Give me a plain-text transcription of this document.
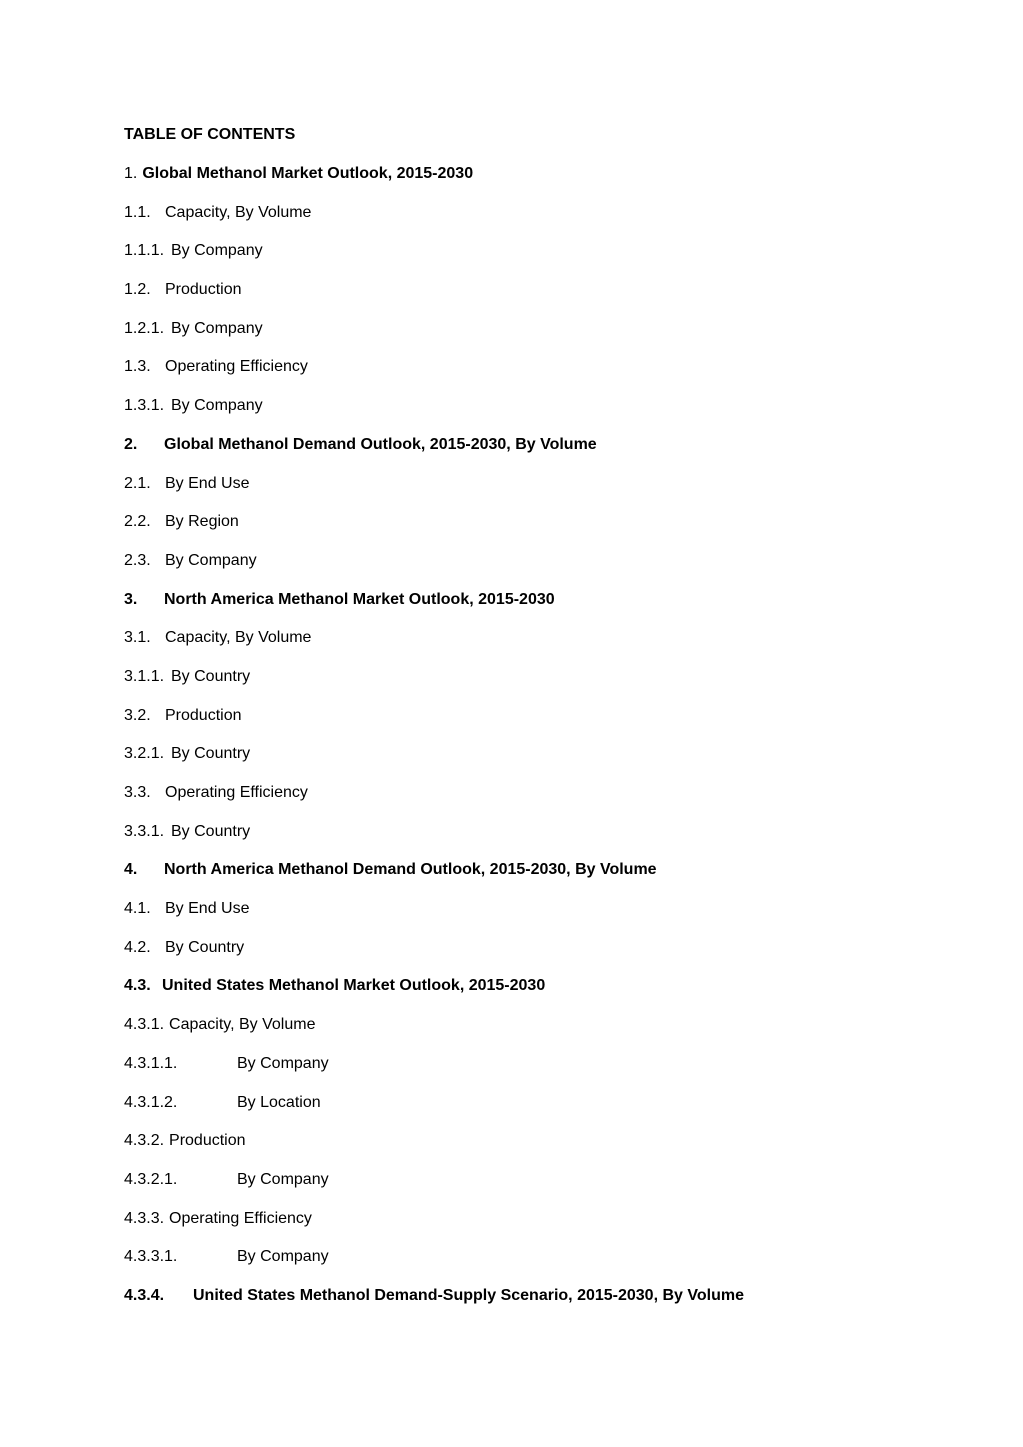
TABLE OF CONTENTS
1. Global Methanol Market Outlook, 2015-2030
1.1. Capacity, By Volume
1.1.1. By Company
1.2. Production
1.2.1. By Company
1.3. Operating Efficiency
1.3.1. By Company
2.	Global Methanol Demand Outlook, 2015-2030, By Volume
2.1. By End Use
2.2. By Region
2.3. By Company
3.	North America Methanol Market Outlook, 2015-2030
3.1. Capacity, By Volume
3.1.1. By Country
3.2. Production
3.2.1. By Country
3.3. Operating Efficiency
3.3.1. By Country
4.	North America Methanol Demand Outlook, 2015-2030, By Volume
4.1. By End Use
4.2. By Country
4.3. United States Methanol Market Outlook, 2015-2030
4.3.1. Capacity, By Volume
4.3.1.1.	By Company
4.3.1.2.	By Location
4.3.2. Production
4.3.2.1.	By Company
4.3.3. Operating Efficiency
4.3.3.1.	By Company
4.3.4.	United States Methanol Demand-Supply Scenario, 2015-2030, By Volume
